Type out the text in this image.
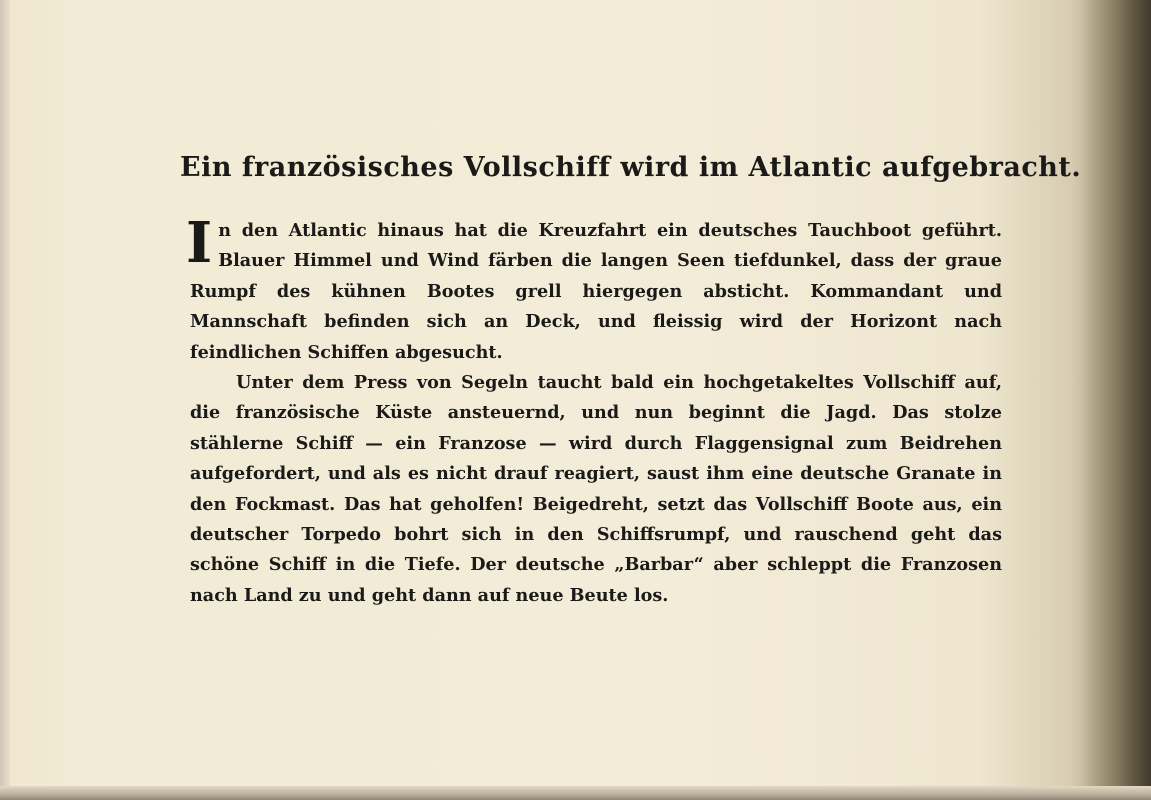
Ein französisches Vollschiff wird im Atlantic aufgebracht.

In den Atlantic hinaus hat die Kreuzfahrt ein deutsches Tauchboot geführt. Blauer Himmel und Wind färben die langen Seen tiefdunkel, dass der graue Rumpf des kühnen Bootes grell hiergegen absticht. Kommandant und Mannschaft befinden sich an Deck, und fleissig wird der Horizont nach feindlichen Schiffen abgesucht.

Unter dem Press von Segeln taucht bald ein hochgetakeltes Vollschiff auf, die französische Küste ansteuernd, und nun beginnt die Jagd. Das stolze stählerne Schiff — ein Franzose — wird durch Flaggensignal zum Beidrehen aufgefordert, und als es nicht drauf reagiert, saust ihm eine deutsche Granate in den Fockmast. Das hat geholfen! Beigedreht, setzt das Vollschiff Boote aus, ein deutscher Torpedo bohrt sich in den Schiffsrumpf, und rauschend geht das schöne Schiff in die Tiefe. Der deutsche „Barbar“ aber schleppt die Franzosen nach Land zu und geht dann auf neue Beute los.
